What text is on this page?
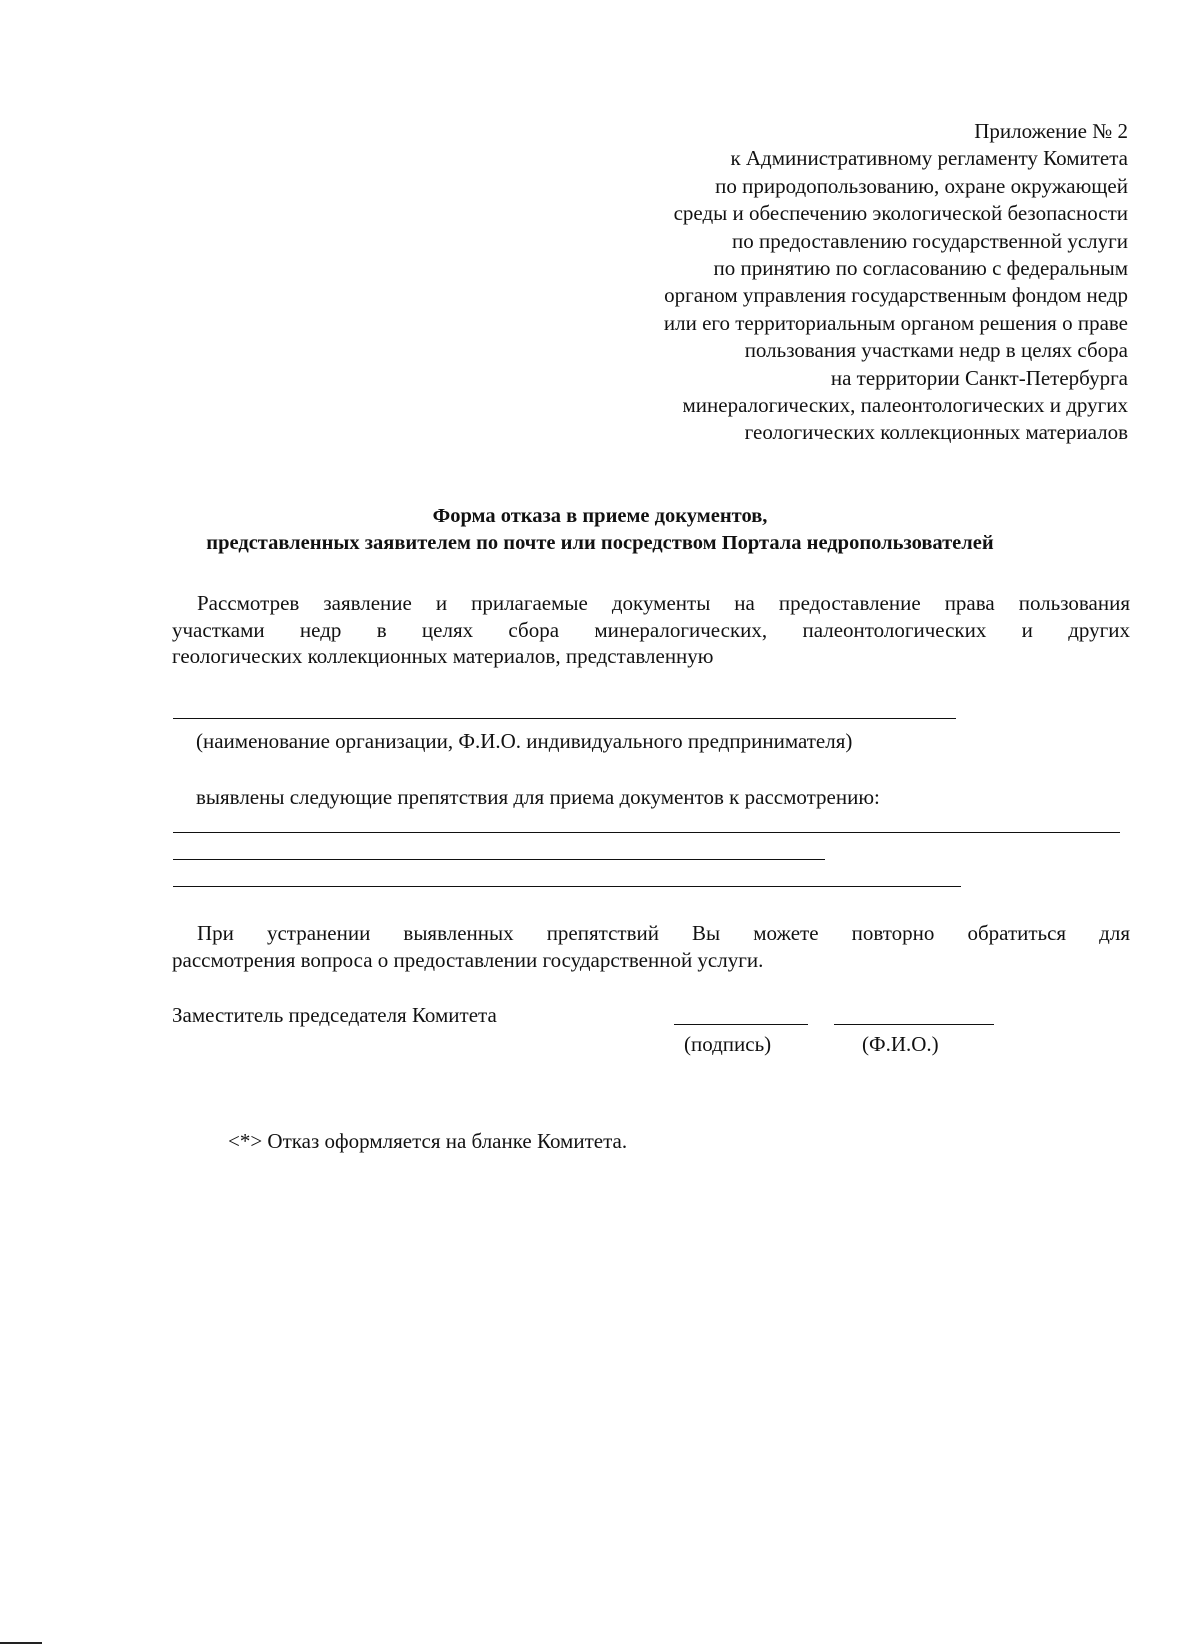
Приложение № 2
к Административному регламенту Комитета
по природопользованию, охране окружающей
среды и обеспечению экологической безопасности
по предоставлению государственной услуги
по принятию по согласованию с федеральным
органом управления государственным фондом недр
или его территориальным органом решения о праве
пользования участками недр в целях сбора
на территории Санкт-Петербурга
минералогических, палеонтологических и других
геологических коллекционных материалов
Форма отказа в приеме документов,
представленных заявителем по почте или посредством Портала недропользователей
Рассмотрев заявление и прилагаемые документы на предоставление права пользования
участками недр в целях сбора минералогических, палеонтологических и других
геологических коллекционных материалов, представленную
(наименование организации, Ф.И.О. индивидуального предпринимателя)
выявлены следующие препятствия для приема документов к рассмотрению:
При устранении выявленных препятствий Вы можете повторно обратиться для
рассмотрения вопроса о предоставлении государственной услуги.
Заместитель председателя Комитета
(подпись)	(Ф.И.О.)
<*> Отказ оформляется на бланке Комитета.
